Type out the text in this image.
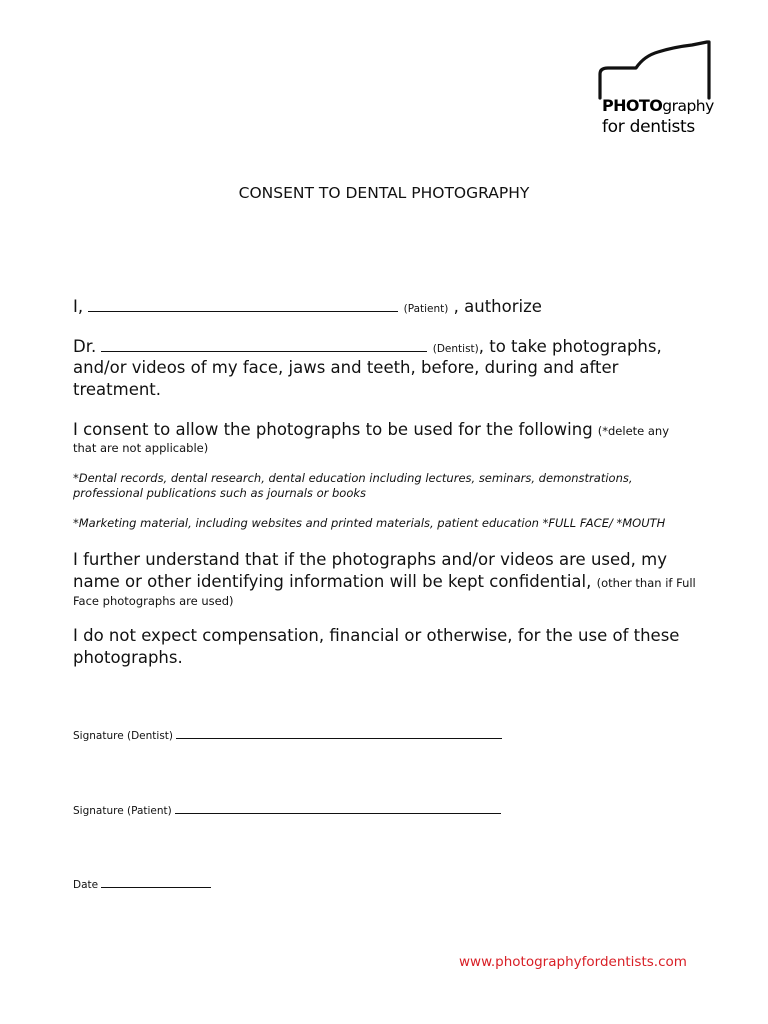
PHOTOgraphy
for dentists
CONSENT TO DENTAL PHOTOGRAPHY
I,	(Patient) , authorize
Dr.	(Dentist), to take photographs,
and/or videos of my face, jaws and teeth, before, during and after treatment.
I consent to allow the photographs to be used for the following (*delete any
that are not applicable)
*Dental records, dental research, dental education including lectures, seminars, demonstrations, professional publications such as journals or books
*Marketing material, including websites and printed materials, patient education *FULL FACE/ *MOUTH
I further understand that if the photographs and/or videos are used, my name or other identifying information will be kept confidential, (other than if Full
Face photographs are used)
I do not expect compensation, financial or otherwise, for the use of these photographs.
Signature (Dentist)
Signature (Patient)
Date
www.photographyfordentists.com
